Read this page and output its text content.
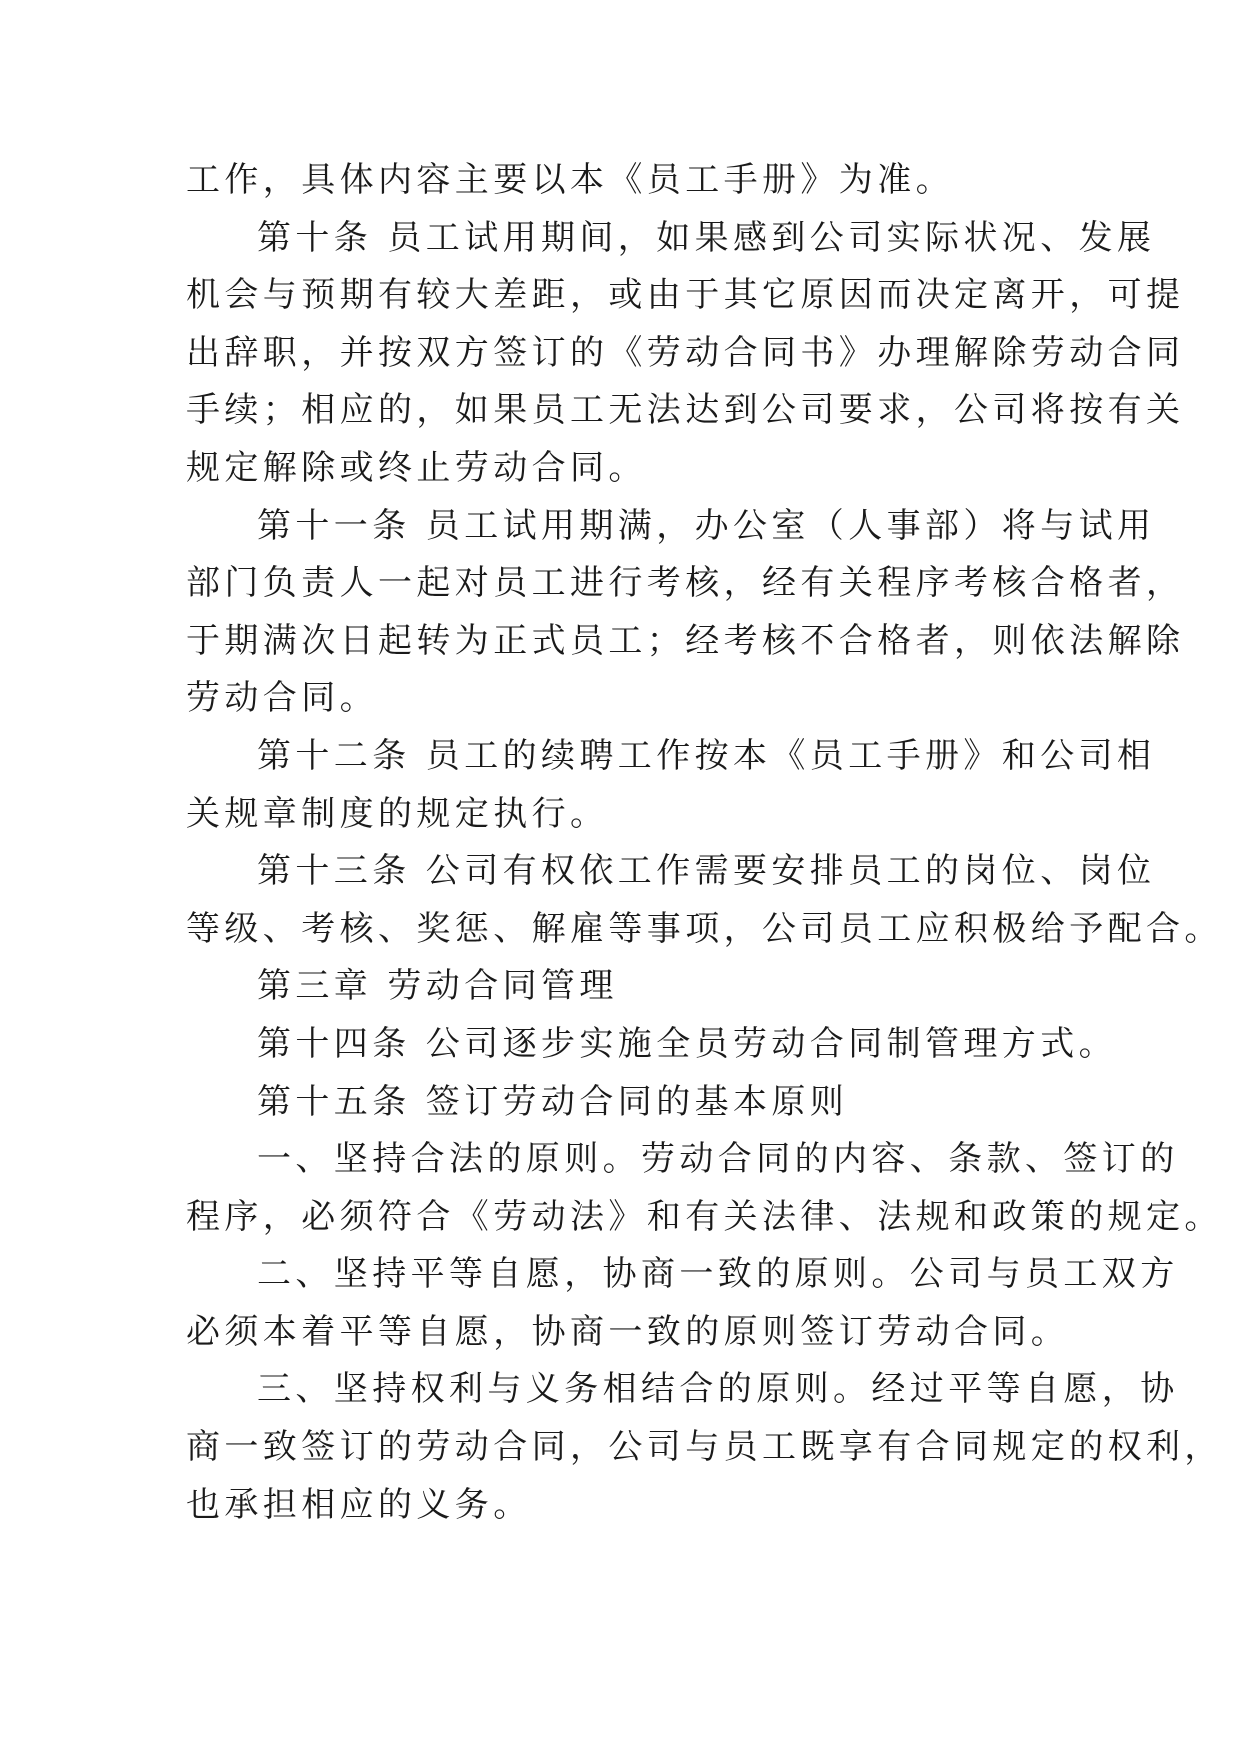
工作，具体内容主要以本《员工手册》为准。
第十条 员工试用期间，如果感到公司实际状况、发展
机会与预期有较大差距，或由于其它原因而决定离开，可提
出辞职，并按双方签订的《劳动合同书》办理解除劳动合同
手续；相应的，如果员工无法达到公司要求，公司将按有关
规定解除或终止劳动合同。
第十一条 员工试用期满，办公室（人事部）将与试用
部门负责人一起对员工进行考核，经有关程序考核合格者，
于期满次日起转为正式员工；经考核不合格者，则依法解除
劳动合同。
第十二条 员工的续聘工作按本《员工手册》和公司相
关规章制度的规定执行。
第十三条 公司有权依工作需要安排员工的岗位、岗位
等级、考核、奖惩、解雇等事项，公司员工应积极给予配合。
第三章 劳动合同管理
第十四条 公司逐步实施全员劳动合同制管理方式。
第十五条 签订劳动合同的基本原则
一、坚持合法的原则。劳动合同的内容、条款、签订的
程序，必须符合《劳动法》和有关法律、法规和政策的规定。
二、坚持平等自愿，协商一致的原则。公司与员工双方
必须本着平等自愿，协商一致的原则签订劳动合同。
三、坚持权利与义务相结合的原则。经过平等自愿，协
商一致签订的劳动合同，公司与员工既享有合同规定的权利，
也承担相应的义务。
